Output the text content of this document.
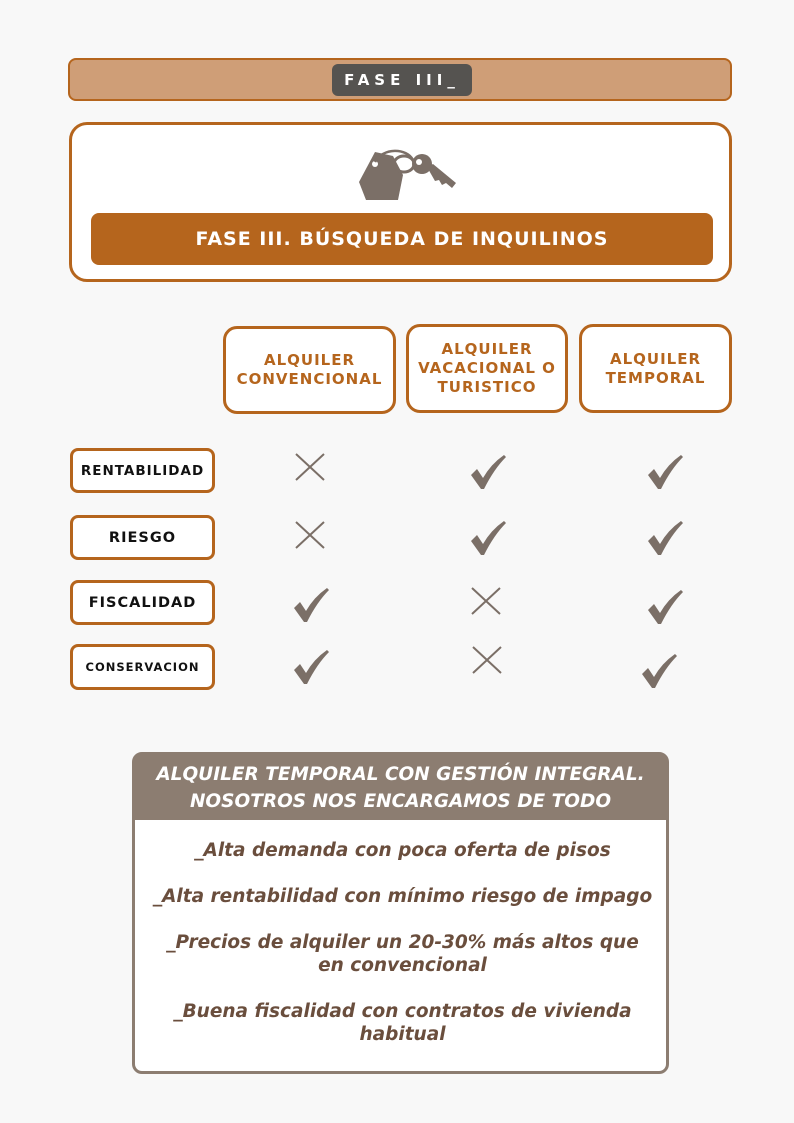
FASE III_
FASE III. BÚSQUEDA DE INQUILINOS
ALQUILER CONVENCIONAL
ALQUILER VACACIONAL O TURISTICO
ALQUILER TEMPORAL
RENTABILIDAD
RIESGO
FISCALIDAD
CONSERVACION
ALQUILER TEMPORAL CON GESTIÓN INTEGRAL.
NOSOTROS NOS ENCARGAMOS DE TODO
_Alta demanda con poca oferta de pisos
_Alta rentabilidad con mínimo riesgo de impago
_Precios de alquiler un 20-30% más altos que en convencional
_Buena fiscalidad con contratos de vivienda habitual
